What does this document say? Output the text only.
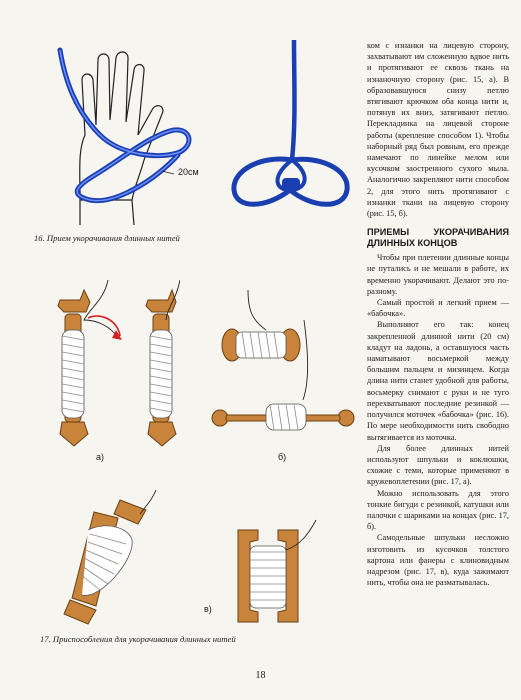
20см
16. Прием укорачивания длинных нитей
а)	б)
в)
17. Приспособления для укорачивания длинных нитей

ком с изнанки на лицевую сторону, захватывают им сложенную вдвое нить и протягивают ее сквозь ткань на изнаночную сторону (рис. 15, а). В образовавшуюся снизу петлю втягивают крючком оба конца нити и, потянув их вниз, затягивают петлю. Перекладинка на лицевой стороне работы (крепление способом 1). Чтобы наборный ряд был ровным, его прежде намечают по линейке мелом или кусочком заостренного сухого мыла. Аналогично закрепляют нити способом 2, для этого нить протягивают с изнанки ткани на лицевую сторону (рис. 15, б).

ПРИЕМЫ УКОРАЧИВАНИЯ ДЛИННЫХ КОНЦОВ

Чтобы при плетении длинные концы не путались и не мешали в работе, их временно укорачивают. Делают это по-разному.

Самый простой и легкий прием — «бабочка».

Выполняют его так: конец закрепленной длинной нити (20 см) кладут на ладонь, а оставшуюся часть наматывают восьмеркой между большим пальцем и мизинцем. Когда длина нити станет удобной для работы, восьмерку снимают с руки и не туго перехватывают последние резинкой — получился моточек «бабочка» (рис. 16). По мере необходимости нить свободно вытягивается из моточка.

Для более длинных нитей используют шпульки и коклюшки, схожие с теми, которые применяют в кружевоплетении (рис. 17, а).

Можно использовать для этого тонкие бигуди с резинкой, катушки или палочки с шариками на концах (рис. 17, б).

Самодельные шпульки несложно изготовить из кусочков толстого картона или фанеры с клиновидным надрезом (рис. 17, в), куда зажимают нить, чтобы она не разматывалась.

18
